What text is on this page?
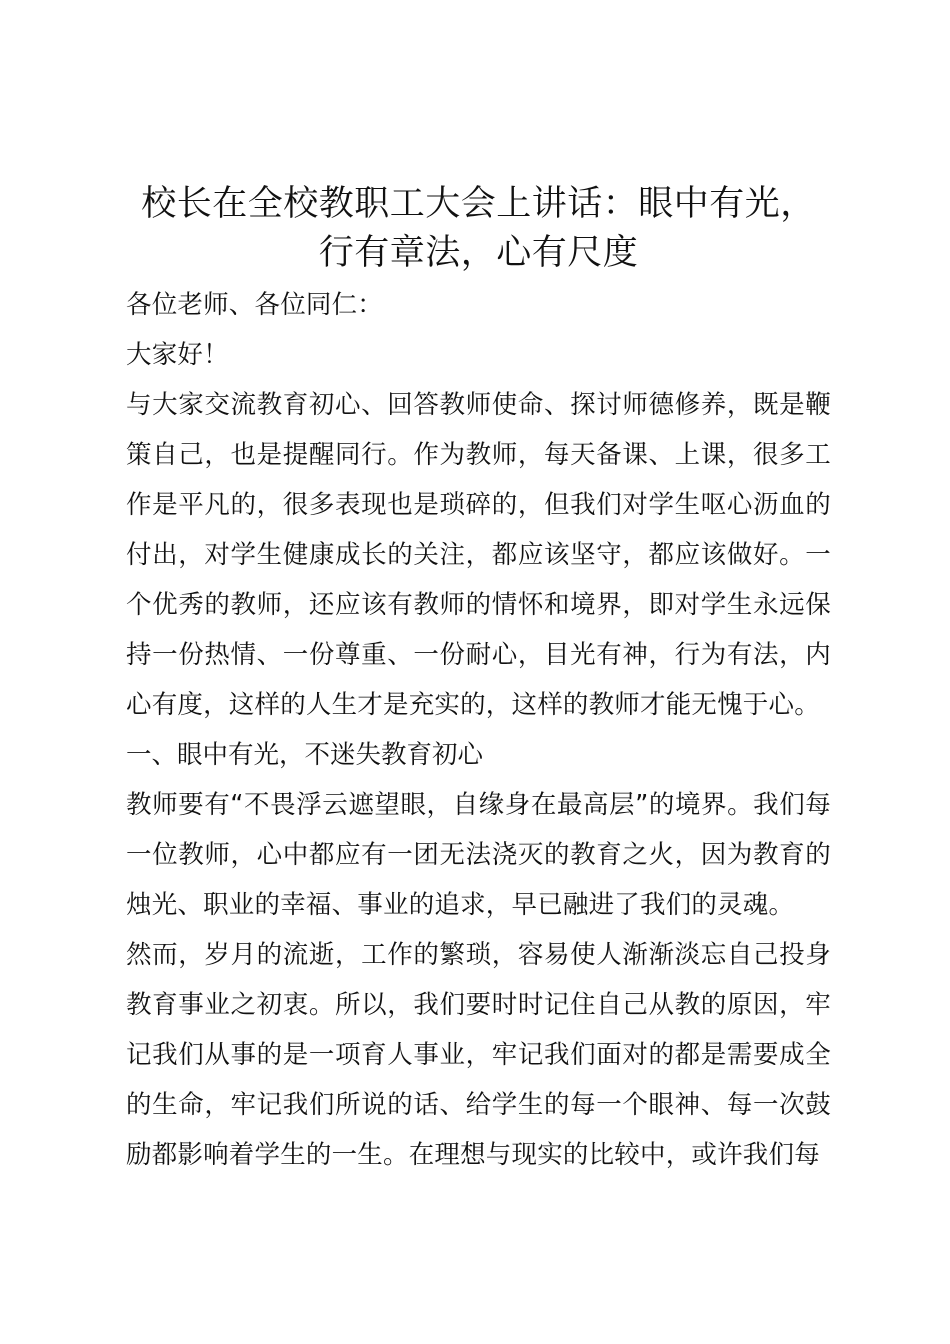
校长在全校教职工大会上讲话：眼中有光，行有章法，心有尺度

各位老师、各位同仁：

大家好！

与大家交流教育初心、回答教师使命、探讨师德修养，既是鞭策自己，也是提醒同行。作为教师，每天备课、上课，很多工作是平凡的，很多表现也是琐碎的，但我们对学生呕心沥血的付出，对学生健康成长的关注，都应该坚守，都应该做好。一个优秀的教师，还应该有教师的情怀和境界，即对学生永远保持一份热情、一份尊重、一份耐心，目光有神，行为有法，内心有度，这样的人生才是充实的，这样的教师才能无愧于心。

一、眼中有光，不迷失教育初心

教师要有“不畏浮云遮望眼，自缘身在最高层”的境界。我们每一位教师，心中都应有一团无法浇灭的教育之火，因为教育的烛光、职业的幸福、事业的追求，早已融进了我们的灵魂。

然而，岁月的流逝，工作的繁琐，容易使人渐渐淡忘自己投身教育事业之初衷。所以，我们要时时记住自己从教的原因，牢记我们从事的是一项育人事业，牢记我们面对的都是需要成全的生命，牢记我们所说的话、给学生的每一个眼神、每一次鼓励都影响着学生的一生。在理想与现实的比较中，或许我们每
